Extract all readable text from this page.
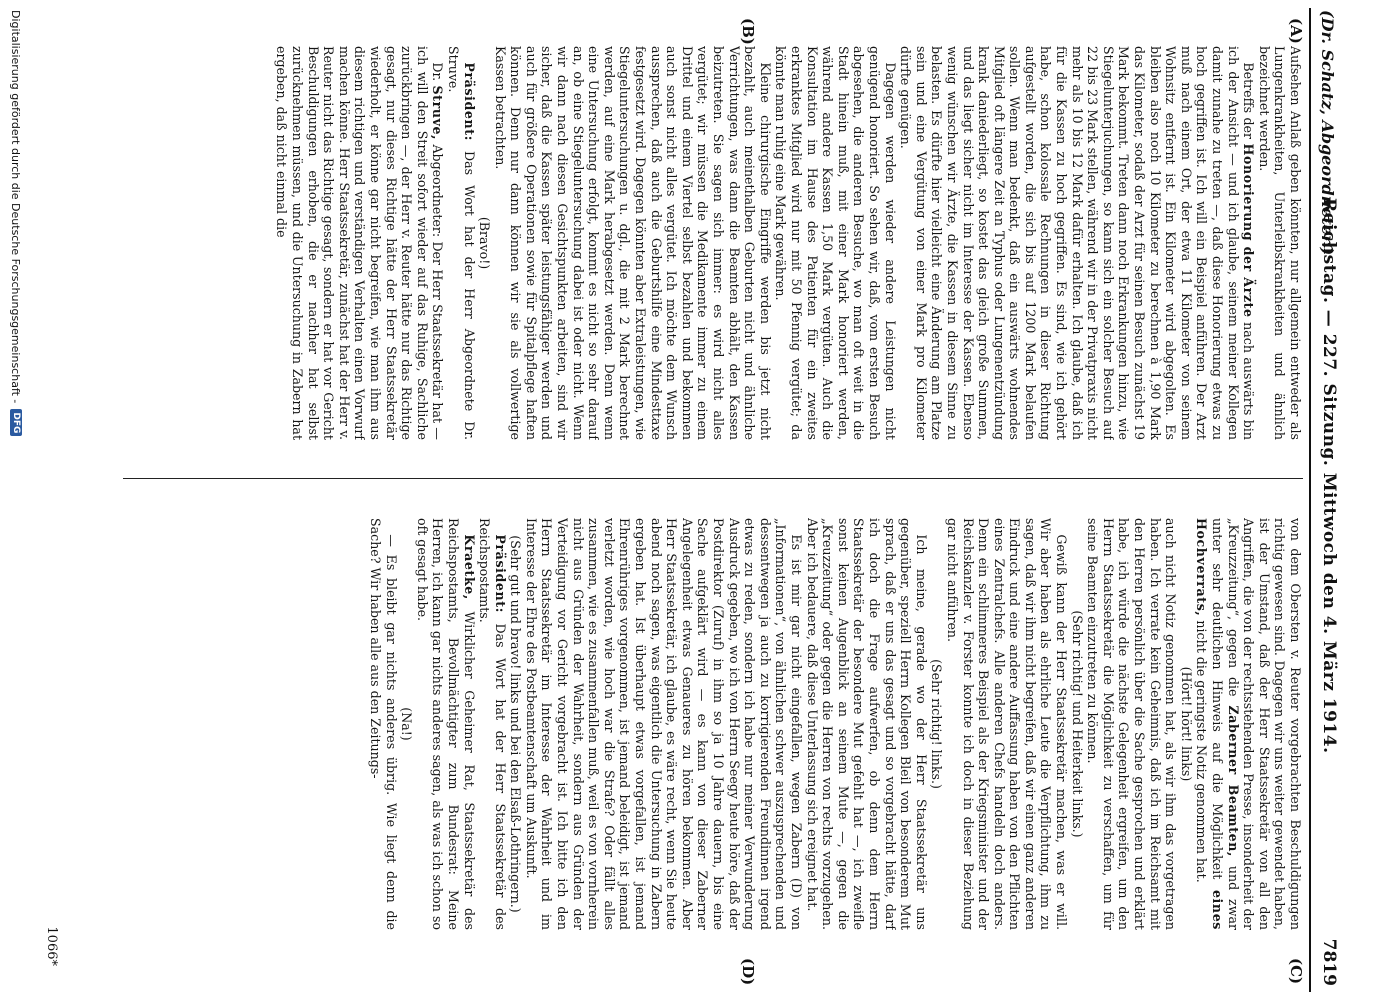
(Dr. Schatz, Abgeordneter.)
Reichstag. — 227. Sitzung. Mittwoch den 4. März 1914.
7819
(A)
(B)
(C)
(D)

Aufsehen Anlaß geben könnten, nur allgemein entweder als Lungenkrankheiten, Unterleibskrankheiten und ähnlich bezeichnet werden.

Betreffs der Honorierung der Ärzte nach auswärts bin ich der Ansicht — und ich glaube, seinem meiner Kollegen damit zunahe zu treten —, daß diese Honorierung etwas zu hoch gegriffen ist. Ich will ein Beispiel anführen. Der Arzt muß nach einem Ort, der etwa 11 Kilometer von seinem Wohnsitz entfernt ist. Ein Kilometer wird abgegolten. Es bleiben also noch 10 Kilometer zu berechnen à 1,90 Mark das Kilometer, sodaß der Arzt für seinen Besuch zunächst 19 Mark bekommt. Treten dann noch Erkrankungen hinzu, wie Stiegelunterjuchungen, so kann sich ein solcher Besuch auf 22 bis 23 Mark stellen, während wir in der Privatpraxis nicht mehr als 10 bis 12 Mark dafür erhalten. Ich glaube, daß ich für die Kassen zu hoch gegriffen. Es sind, wie ich gehört habe, schon kolossale Rechnungen in dieser Richtung aufgestellt worden, die sich bis auf 1200 Mark belaufen sollen. Wenn man bedenkt, daß ein auswärts wohnendes Mitglied oft längere Zeit an Typhus oder Lungenentzündung krank daniederliegt, so kostet das gleich große Summen, und das liegt sicher nicht im Interesse der Kassen. Ebenso wenig wünschen wir Ärzte, die Kassen in diesem Sinne zu belasten. Es dürfte hier vielleicht eine Änderung am Platze sein und eine Vergütung von einer Mark pro Kilometer dürfte genügen.

Dagegen werden wieder andere Leistungen nicht genügend honoriert. So sehen wir, daß, vom ersten Besuch abgesehen, die anderen Besuche, wo man oft weit in die Stadt hinein muß, mit einer Mark honoriert werden, während andere Kassen 1,50 Mark vergüten. Auch die Konsultation im Hause des Patienten für ein zweites erkranktes Mitglied wird nur mit 50 Pfennig vergütet; da könnte man ruhig eine Mark gewähren.

Kleine chirurgische Eingriffe werden bis jetzt nicht bezahlt, auch meinethalben Geburten nicht und ähnliche Verrichtungen, was dann die Beamten abhält, den Kassen beizutreten. Sie sagen sich immer: es wird nicht alles vergütet; wir müssen die Medikamente immer zu einem Drittel und einem Viertel selbst bezahlen und bekommen auch sonst nicht alles vergütet. Ich möchte dem Wunsch aussprechen, daß auch die Geburtshilfe eine Mindesttaxe festgesetzt wird. Dagegen könnten aber Extraleistungen, wie Stiegeluntersuchungen u. dgl., die mit 2 Mark berechnet werden, auf eine Mark herabgesetzt werden. Denn wenn eine Untersuchung erfolgt, kommt es nicht so sehr darauf an, ob eine Stiegeluntersuchung dabei ist oder nicht. Wenn wir dann nach diesen Gesichtspunkten arbeiten, sind wir sicher, daß die Kassen später leistungsfähiger werden und auch für größere Operationen sowie für Spitalpflege haften können. Denn nur dann können wir sie als vollwertige Kassen betrachten.

(Bravo!)

Präsident: Das Wort hat der Herr Abgeordnete Dr. Struve.

Dr. Struve, Abgeordneter: Der Herr Staatssekretär hat — ich will den Streit sofort wieder auf das Ruhige, Sachliche zurückbringen —, der Herr v. Reuter hätte nur das Richtige gesagt, nur dieses Richtige hätte der Herr Staatssekretär wiederholt, er könne gar nicht begreifen, wie man ihm aus diesem richtigen und verständigen Verhalten einen Vorwurf machen könne. Herr Staatssekretär, zunächst hat der Herr v. Reuter nicht das Richtige gesagt, sondern er hat vor Gericht Beschuldigungen erhoben, die er nachher hat selbst zurücknehmen müssen, und die Untersuchung in Zabern hat ergeben, daß nicht einmal die

von dem Obersten v. Reuter vorgebrachten Beschuldigungen richtig gewesen sind. Dagegen wir uns weiter gewendet haben, ist der Umstand, daß der Herr Staatssekretär von all den Angriffen, die von der rechtsstehenden Presse, insonderheit der „Kreuzzeitung“, gegen die Zaberner Beamten, und zwar unter sehr deutlichen Hinweis auf die Möglichkeit eines Hochverrats, nicht die geringste Notiz genommen hat.

(Hört! hört! links)

auch nicht Notiz genommen hat, als wir ihm das vorgetragen haben. Ich verrate kein Geheimnis, daß ich im Reichsamt mit den Herren persönlich über die Sache gesprochen und erklärt habe, ich würde die nächste Gelegenheit ergreifen, um den Herrn Staatssekretär die Möglichkeit zu verschaffen, um für seine Beamten einzutreten zu können.

(Sehr richtig! und Heiterkeit links.)

Gewiß kann der Herr Staatssekretär machen, was er will. Wir aber haben als ehrliche Leute die Verpflichtung, ihm zu sagen, daß wir ihm nicht begreifen, daß wir einen ganz anderen Eindruck und eine andere Auffassung haben von den Pflichten eines Zentralchefs. Alle anderen Chefs handeln doch anders. Denn ein schlimmeres Beispiel als der Kriegsminister und der Reichskanzler v. Forster konnte ich doch in dieser Beziehung gar nicht anführen.

(Sehr richtig! links.)

Ich meine, gerade wo der Herr Staatssekretär uns gegenüber, speziell Herrn Kollegen Bleil von besonderem Mut sprach, daß er uns das gesagt und so vorgebracht hätte, darf ich doch die Frage aufwerfen, ob denn dem Herrn Staatssekretär der besondere Mut gefehlt hat —, ich zweifle sonst keinen Augenblick an seinem Mute —, gegen die „Kreuzzeitung“ oder gegen die Herren von rechts vorzugehen. Aber ich bedauere, daß diese Unterlassung sich ereignet hat.

Es ist mir gar nicht eingefallen, wegen Zabern (D) von „Informationen“, von ähnlichen schwer auszusprechenden und dessentwegen ja auch zu korrigierenden Freundinnen irgend etwas zu reden, sondern ich habe nur meiner Verwunderung Ausdruck gegeben, wo ich von Herrn Seegy heute höre, daß der Postdirektor (Zuruf) in ihm so ja 10 Jahre dauern, bis eine Sache aufgeklärt wird — es kann von dieser Zaberner Angelegenheit etwas Genaueres zu hören bekommen. Aber Herr Staatssekretär, ich glaube, es wäre recht, wenn Sie heute abend noch sagen, was eigentlich die Untersuchung in Zabern ergeben hat. Ist überhaupt etwas vorgefallen, ist jemand Ehrenrühriges vorgenommen, ist jemand beleidigt, ist jemand verletzt worden, wie hoch war die Strafe? Oder fällt alles zusammen, wie es zusammenfallen muß, weil es von vornherein nicht aus Gründen der Wahrheit, sondern aus Gründen der Verteidigung vor Gericht vorgebracht ist. Ich bitte ich den Herrn Staatssekretär im Interesse der Wahrheit und im Interesse der Ehre des Postbeamtenschaft um Auskunft.

(Sehr gut und bravo! links und bei den Elsaß-Lothringern.)

Präsident: Das Wort hat der Herr Staatssekretär des Reichspostamts.

Kraetke, Wirklicher Geheimer Rat, Staatssekretär des Reichspostamts, Bevollmächtigter zum Bundesrat: Meine Herren, ich kann gar nichts anderes sagen, als was ich schon so oft gesagt habe.

(Na!)

— Es bleibt gar nichts anderes übrig. Wie liegt denn die Sache? Wir haben alle aus den Zeitungs-

1066*
Digitalisierung gefördert durch die Deutsche Forschungsgemeinschaft -
DFG
